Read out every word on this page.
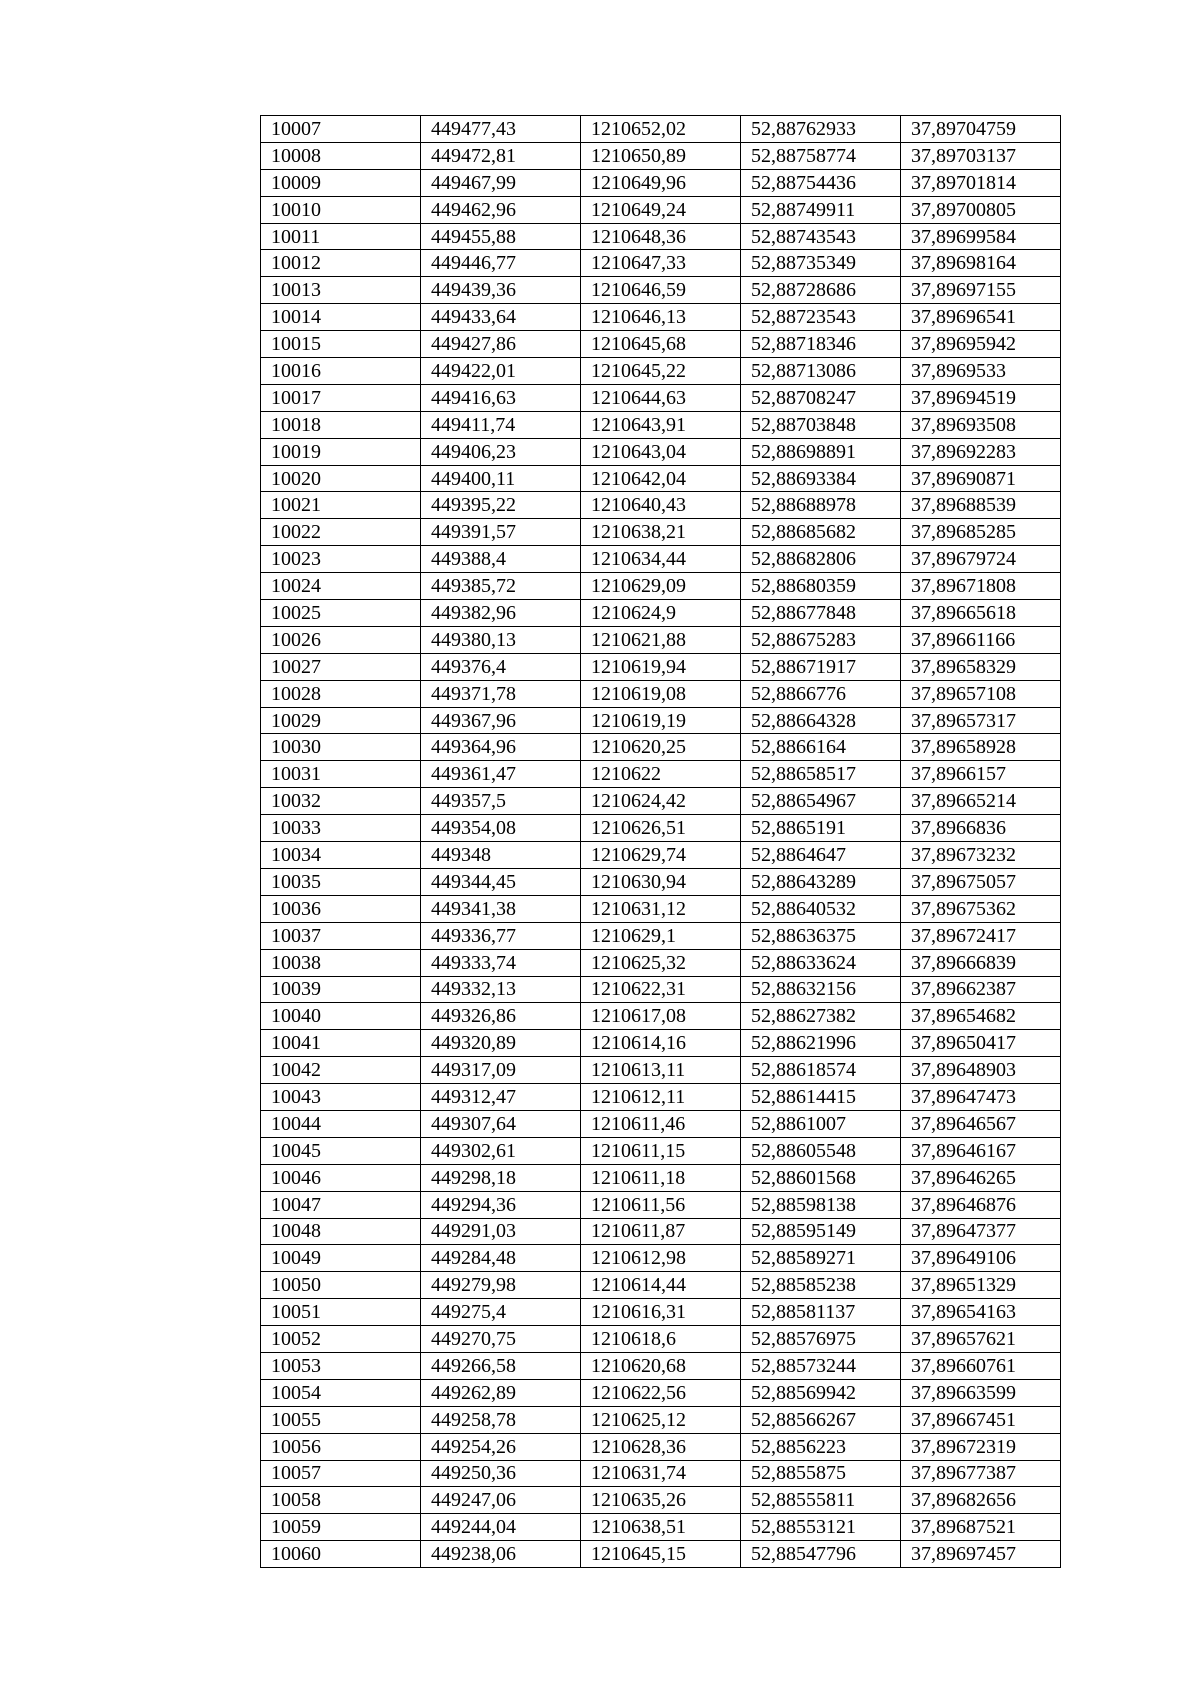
10007	449477,43	1210652,02	52,88762933	37,89704759
10008	449472,81	1210650,89	52,88758774	37,89703137
10009	449467,99	1210649,96	52,88754436	37,89701814
10010	449462,96	1210649,24	52,88749911	37,89700805
10011	449455,88	1210648,36	52,88743543	37,89699584
10012	449446,77	1210647,33	52,88735349	37,89698164
10013	449439,36	1210646,59	52,88728686	37,89697155
10014	449433,64	1210646,13	52,88723543	37,89696541
10015	449427,86	1210645,68	52,88718346	37,89695942
10016	449422,01	1210645,22	52,88713086	37,8969533
10017	449416,63	1210644,63	52,88708247	37,89694519
10018	449411,74	1210643,91	52,88703848	37,89693508
10019	449406,23	1210643,04	52,88698891	37,89692283
10020	449400,11	1210642,04	52,88693384	37,89690871
10021	449395,22	1210640,43	52,88688978	37,89688539
10022	449391,57	1210638,21	52,88685682	37,89685285
10023	449388,4	1210634,44	52,88682806	37,89679724
10024	449385,72	1210629,09	52,88680359	37,89671808
10025	449382,96	1210624,9	52,88677848	37,89665618
10026	449380,13	1210621,88	52,88675283	37,89661166
10027	449376,4	1210619,94	52,88671917	37,89658329
10028	449371,78	1210619,08	52,8866776	37,89657108
10029	449367,96	1210619,19	52,88664328	37,89657317
10030	449364,96	1210620,25	52,8866164	37,89658928
10031	449361,47	1210622	52,88658517	37,8966157
10032	449357,5	1210624,42	52,88654967	37,89665214
10033	449354,08	1210626,51	52,8865191	37,8966836
10034	449348	1210629,74	52,8864647	37,89673232
10035	449344,45	1210630,94	52,88643289	37,89675057
10036	449341,38	1210631,12	52,88640532	37,89675362
10037	449336,77	1210629,1	52,88636375	37,89672417
10038	449333,74	1210625,32	52,88633624	37,89666839
10039	449332,13	1210622,31	52,88632156	37,89662387
10040	449326,86	1210617,08	52,88627382	37,89654682
10041	449320,89	1210614,16	52,88621996	37,89650417
10042	449317,09	1210613,11	52,88618574	37,89648903
10043	449312,47	1210612,11	52,88614415	37,89647473
10044	449307,64	1210611,46	52,8861007	37,89646567
10045	449302,61	1210611,15	52,88605548	37,89646167
10046	449298,18	1210611,18	52,88601568	37,89646265
10047	449294,36	1210611,56	52,88598138	37,89646876
10048	449291,03	1210611,87	52,88595149	37,89647377
10049	449284,48	1210612,98	52,88589271	37,89649106
10050	449279,98	1210614,44	52,88585238	37,89651329
10051	449275,4	1210616,31	52,88581137	37,89654163
10052	449270,75	1210618,6	52,88576975	37,89657621
10053	449266,58	1210620,68	52,88573244	37,89660761
10054	449262,89	1210622,56	52,88569942	37,89663599
10055	449258,78	1210625,12	52,88566267	37,89667451
10056	449254,26	1210628,36	52,8856223	37,89672319
10057	449250,36	1210631,74	52,8855875	37,89677387
10058	449247,06	1210635,26	52,88555811	37,89682656
10059	449244,04	1210638,51	52,88553121	37,89687521
10060	449238,06	1210645,15	52,88547796	37,89697457
